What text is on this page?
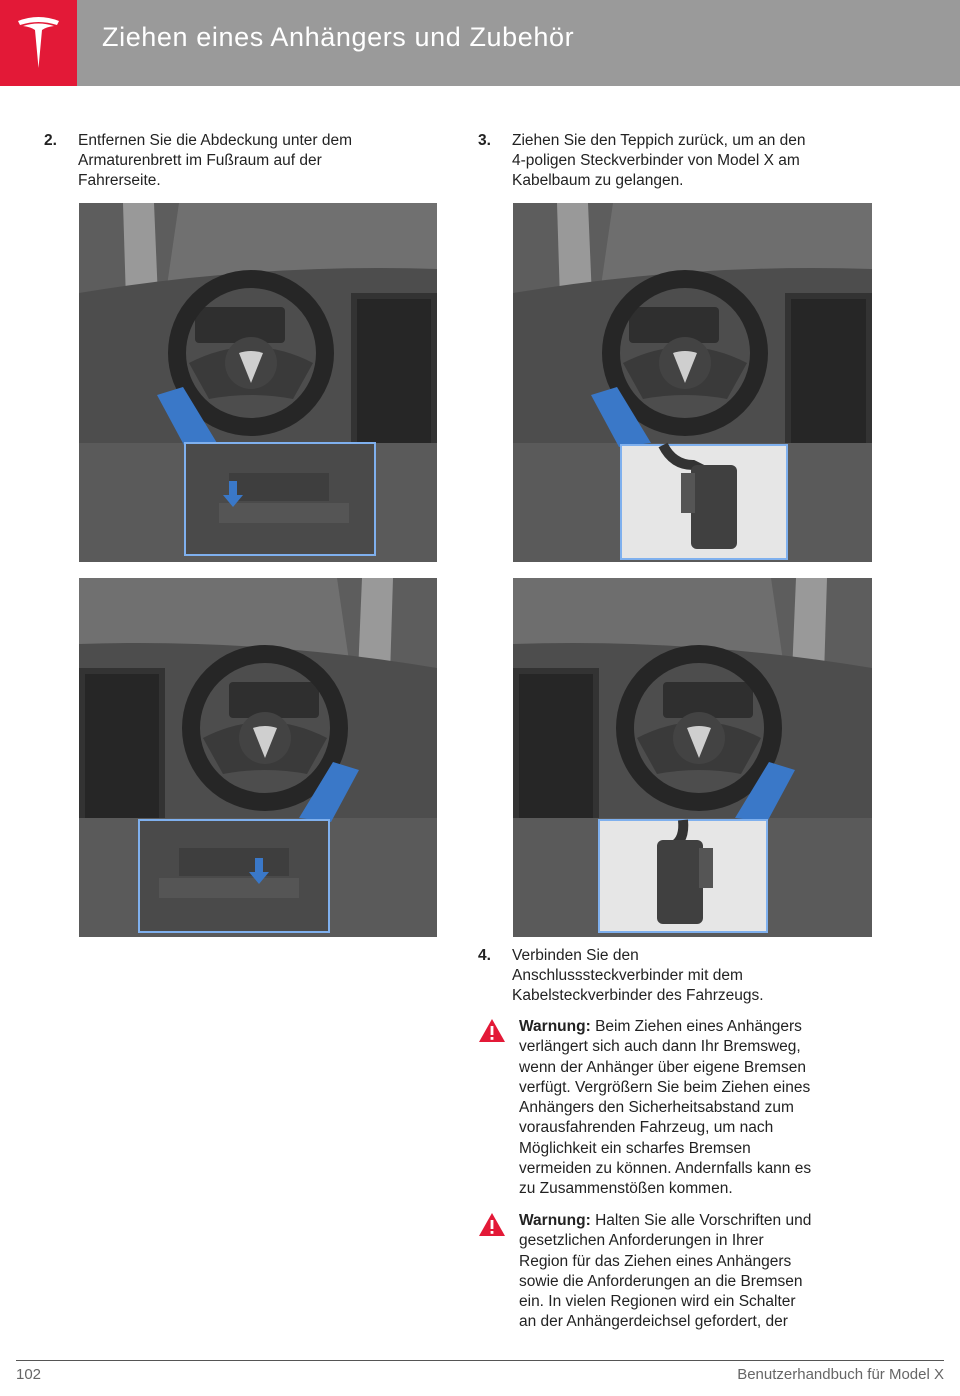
Ziehen eines Anhängers und Zubehör
2. Entfernen Sie die Abdeckung unter dem
Armaturenbrett im Fußraum auf der
Fahrerseite.
3. Ziehen Sie den Teppich zurück, um an den
4-poligen Steckverbinder von Model X am
Kabelbaum zu gelangen.
4. Verbinden Sie den
Anschlusssteckverbinder mit dem
Kabelsteckverbinder des Fahrzeugs.
Warnung: Beim Ziehen eines Anhängers
verlängert sich auch dann Ihr Bremsweg,
wenn der Anhänger über eigene Bremsen
verfügt. Vergrößern Sie beim Ziehen eines
Anhängers den Sicherheitsabstand zum
vorausfahrenden Fahrzeug, um nach
Möglichkeit ein scharfes Bremsen
vermeiden zu können. Andernfalls kann es
zu Zusammenstößen kommen.
Warnung: Halten Sie alle Vorschriften und
gesetzlichen Anforderungen in Ihrer
Region für das Ziehen eines Anhängers
sowie die Anforderungen an die Bremsen
ein. In vielen Regionen wird ein Schalter
an der Anhängerdeichsel gefordert, der
102	Benutzerhandbuch für Model X
